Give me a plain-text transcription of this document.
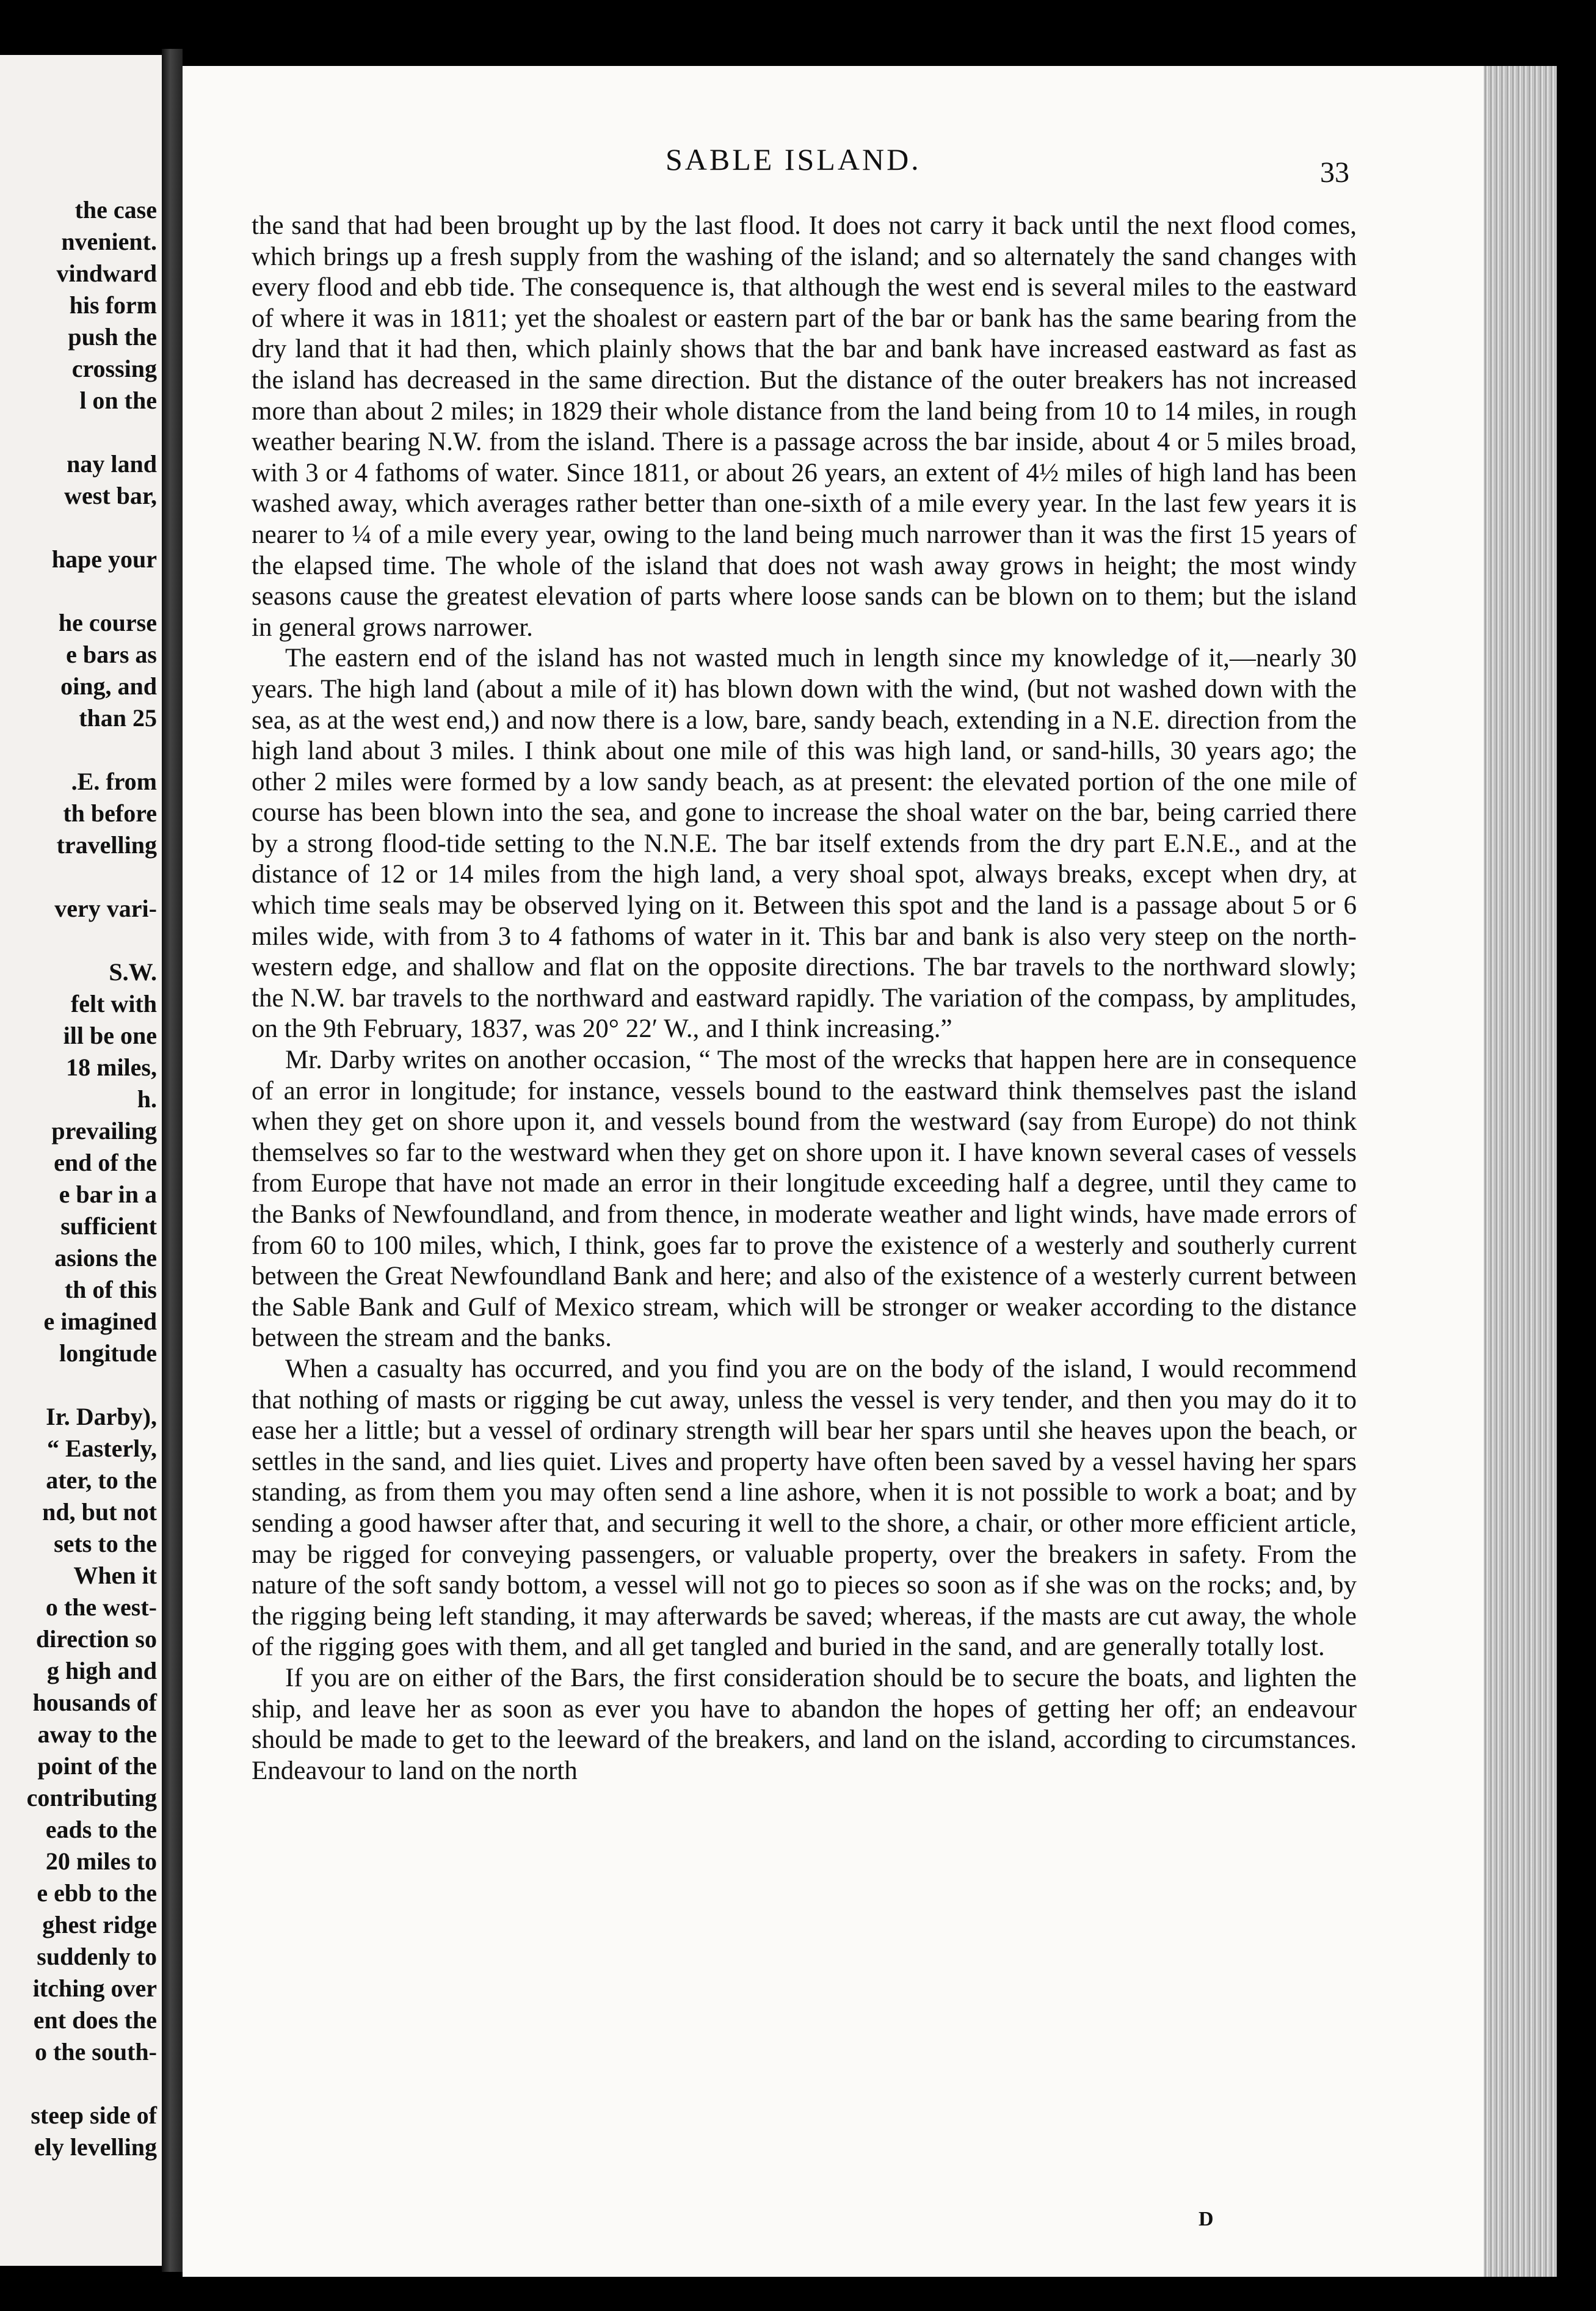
the case
nvenient.
vindward
his form
push the
crossing
l on the
nay land
west bar,
hape your
he course
e bars as
oing, and
than 25
.E. from
th before
travelling
very vari-
S.W.
felt with
ill be one
18 miles,
h.
prevailing
end of the
e bar in a
sufficient
asions the
th of this
e imagined
longitude
Ir. Darby),
“ Easterly,
ater, to the
nd, but not
sets to the
When it
o the west-
direction so
g high and
housands of
away to the
point of the
contributing
eads to the
20 miles to
e ebb to the
ghest ridge
suddenly to
itching over
ent does the
o the south-
steep side of
ely levelling
SABLE ISLAND.	33

the sand that had been brought up by the last flood. It does not carry it back until the next flood comes, which brings up a fresh supply from the washing of the island; and so alternately the sand changes with every flood and ebb tide. The consequence is, that although the west end is several miles to the eastward of where it was in 1811; yet the shoalest or eastern part of the bar or bank has the same bearing from the dry land that it had then, which plainly shows that the bar and bank have increased eastward as fast as the island has decreased in the same direction. But the distance of the outer breakers has not increased more than about 2 miles; in 1829 their whole distance from the land being from 10 to 14 miles, in rough weather bearing N.W. from the island. There is a passage across the bar inside, about 4 or 5 miles broad, with 3 or 4 fathoms of water. Since 1811, or about 26 years, an extent of 4½ miles of high land has been washed away, which averages rather better than one-sixth of a mile every year. In the last few years it is nearer to ¼ of a mile every year, owing to the land being much narrower than it was the first 15 years of the elapsed time. The whole of the island that does not wash away grows in height; the most windy seasons cause the greatest elevation of parts where loose sands can be blown on to them; but the island in general grows narrower.

The eastern end of the island has not wasted much in length since my knowledge of it,—nearly 30 years. The high land (about a mile of it) has blown down with the wind, (but not washed down with the sea, as at the west end,) and now there is a low, bare, sandy beach, extending in a N.E. direction from the high land about 3 miles. I think about one mile of this was high land, or sand-hills, 30 years ago; the other 2 miles were formed by a low sandy beach, as at present: the elevated portion of the one mile of course has been blown into the sea, and gone to increase the shoal water on the bar, being carried there by a strong flood-tide setting to the N.N.E. The bar itself extends from the dry part E.N.E., and at the distance of 12 or 14 miles from the high land, a very shoal spot, always breaks, except when dry, at which time seals may be observed lying on it. Between this spot and the land is a passage about 5 or 6 miles wide, with from 3 to 4 fathoms of water in it. This bar and bank is also very steep on the north-western edge, and shallow and flat on the opposite directions. The bar travels to the northward slowly; the N.W. bar travels to the northward and eastward rapidly. The variation of the compass, by amplitudes, on the 9th February, 1837, was 20° 22′ W., and I think increasing.”

Mr. Darby writes on another occasion, “ The most of the wrecks that happen here are in consequence of an error in longitude; for instance, vessels bound to the eastward think themselves past the island when they get on shore upon it, and vessels bound from the westward (say from Europe) do not think themselves so far to the westward when they get on shore upon it. I have known several cases of vessels from Europe that have not made an error in their longitude exceeding half a degree, until they came to the Banks of Newfoundland, and from thence, in moderate weather and light winds, have made errors of from 60 to 100 miles, which, I think, goes far to prove the existence of a westerly and southerly current between the Great Newfoundland Bank and here; and also of the existence of a westerly current between the Sable Bank and Gulf of Mexico stream, which will be stronger or weaker according to the distance between the stream and the banks.

When a casualty has occurred, and you find you are on the body of the island, I would recommend that nothing of masts or rigging be cut away, unless the vessel is very tender, and then you may do it to ease her a little; but a vessel of ordinary strength will bear her spars until she heaves upon the beach, or settles in the sand, and lies quiet. Lives and property have often been saved by a vessel having her spars standing, as from them you may often send a line ashore, when it is not possible to work a boat; and by sending a good hawser after that, and securing it well to the shore, a chair, or other more efficient article, may be rigged for conveying passengers, or valuable property, over the breakers in safety. From the nature of the soft sandy bottom, a vessel will not go to pieces so soon as if she was on the rocks; and, by the rigging being left standing, it may afterwards be saved; whereas, if the masts are cut away, the whole of the rigging goes with them, and all get tangled and buried in the sand, and are generally totally lost.

If you are on either of the Bars, the first consideration should be to secure the boats, and lighten the ship, and leave her as soon as ever you have to abandon the hopes of getting her off; an endeavour should be made to get to the leeward of the breakers, and land on the island, according to circumstances. Endeavour to land on the north

D
